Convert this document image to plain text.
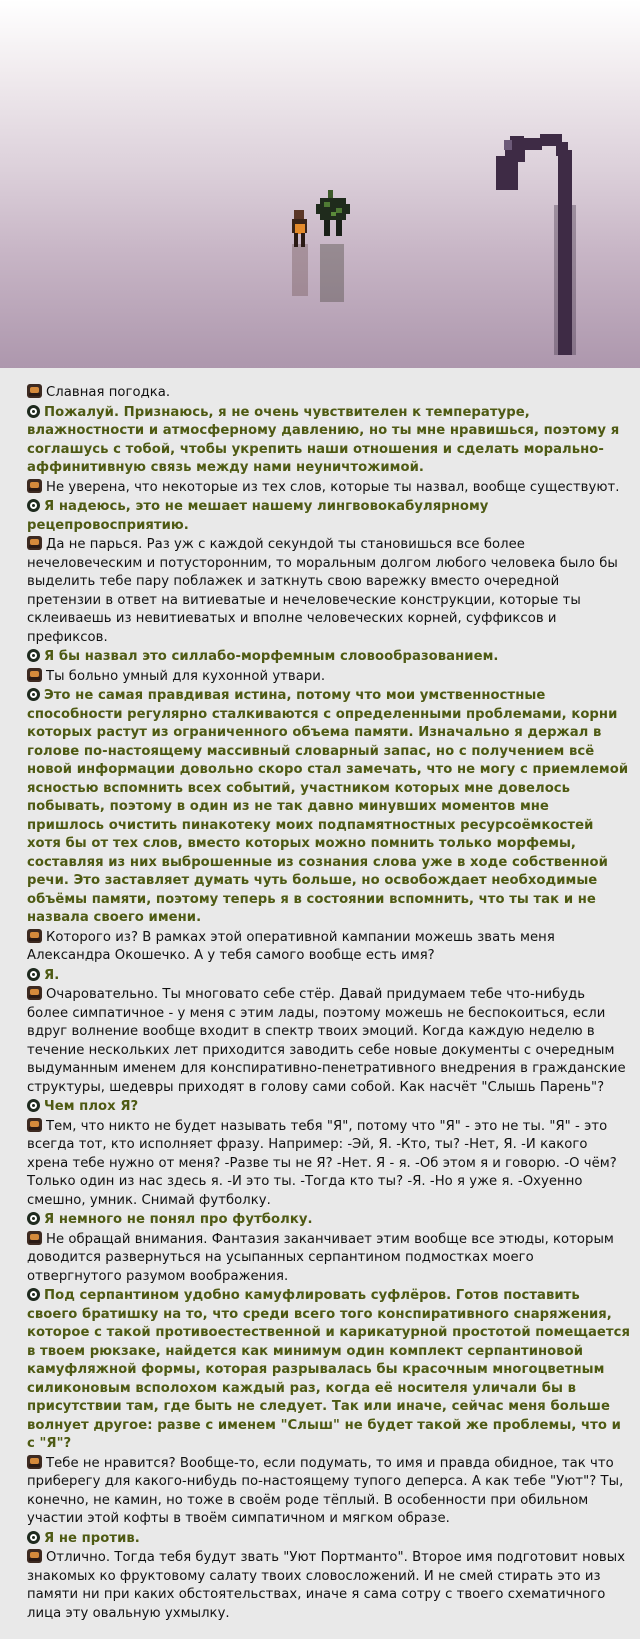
Славная погодка.
Пожалуй. Признаюсь, я не очень чувствителен к температуре, влажностности и атмосферному давлению, но ты мне нравишься, поэтому я соглашусь с тобой, чтобы укрепить наши отношения и сделать морально-аффинитивную связь между нами неуничтожимой.
Не уверена, что некоторые из тех слов, которые ты назвал, вообще существуют.
Я надеюсь, это не мешает нашему лингвовокабулярному рецепровосприятию.
Да не парься. Раз уж с каждой секундой ты становишься все более нечеловеческим и потусторонним, то моральным долгом любого человека было бы выделить тебе пару поблажек и заткнуть свою варежку вместо очередной претензии в ответ на витиеватые и нечеловеческие конструкции, которые ты склеиваешь из невитиеватых и вполне человеческих корней, суффиксов и префиксов.
Я бы назвал это силлабо-морфемным словообразованием.
Ты больно умный для кухонной утвари.
Это не самая правдивая истина, потому что мои умственностные способности регулярно сталкиваются с определенными проблемами, корни которых растут из ограниченного объема памяти. Изначально я держал в голове по-настоящему массивный словарный запас, но с получением всё новой информации довольно скоро стал замечать, что не могу с приемлемой ясностью вспомнить всех событий, участником которых мне довелось побывать, поэтому в один из не так давно минувших моментов мне пришлось очистить пинакотеку моих подпамятностных ресурсоёмкостей хотя бы от тех слов, вместо которых можно помнить только морфемы, составляя из них выброшенные из сознания слова уже в ходе собственной речи. Это заставляет думать чуть больше, но освобождает необходимые объёмы памяти, поэтому теперь я в состоянии вспомнить, что ты так и не назвала своего имени.
Которого из? В рамках этой оперативной кампании можешь звать меня Александра Окошечко. А у тебя самого вообще есть имя?
Я.
Очаровательно. Ты многовато себе стёр. Давай придумаем тебе что-нибудь более симпатичное - у меня с этим лады, поэтому можешь не беспокоиться, если вдруг волнение вообще входит в спектр твоих эмоций. Когда каждую неделю в течение нескольких лет приходится заводить себе новые документы с очередным выдуманным именем для конспиративно-пенетративного внедрения в гражданские структуры, шедевры приходят в голову сами собой. Как насчёт "Слышь Парень"?
Чем плох Я?
Тем, что никто не будет называть тебя "Я", потому что "Я" - это не ты. "Я" - это всегда тот, кто исполняет фразу. Например: -Эй, Я. -Кто, ты? -Нет, Я. -И какого хрена тебе нужно от меня? -Разве ты не Я? -Нет. Я - я. -Об этом я и говорю. -О чём? Только один из нас здесь я. -И это ты. -Тогда кто ты? -Я. -Но я уже я. -Охуенно смешно, умник. Снимай футболку.
Я немного не понял про футболку.
Не обращай внимания. Фантазия заканчивает этим вообще все этюды, которым доводится развернуться на усыпанных серпантином подмостках моего отвергнутого разумом воображения.
Под серпантином удобно камуфлировать суфлёров. Готов поставить своего братишку на то, что среди всего того конспиративного снаряжения, которое с такой противоестественной и карикатурной простотой помещается в твоем рюкзаке, найдется как минимум один комплект серпантиновой камуфляжной формы, которая разрывалась бы красочным многоцветным силиконовым всполохом каждый раз, когда её носителя уличали бы в присутствии там, где быть не следует. Так или иначе, сейчас меня больше волнует другое: разве с именем "Слыш" не будет такой же проблемы, что и с "Я"?
Тебе не нравится? Вообще-то, если подумать, то имя и правда обидное, так что приберегу для какого-нибудь по-настоящему тупого деперса. А как тебе "Уют"? Ты, конечно, не камин, но тоже в своём роде тёплый. В особенности при обильном участии этой кофты в твоём симпатичном и мягком образе.
Я не против.
Отлично. Тогда тебя будут звать "Уют Портманто". Второе имя подготовит новых знакомых ко фруктовому салату твоих словосложений. И не смей стирать это из памяти ни при каких обстоятельствах, иначе я сама сотру с твоего схематичного лица эту овальную ухмылку.
